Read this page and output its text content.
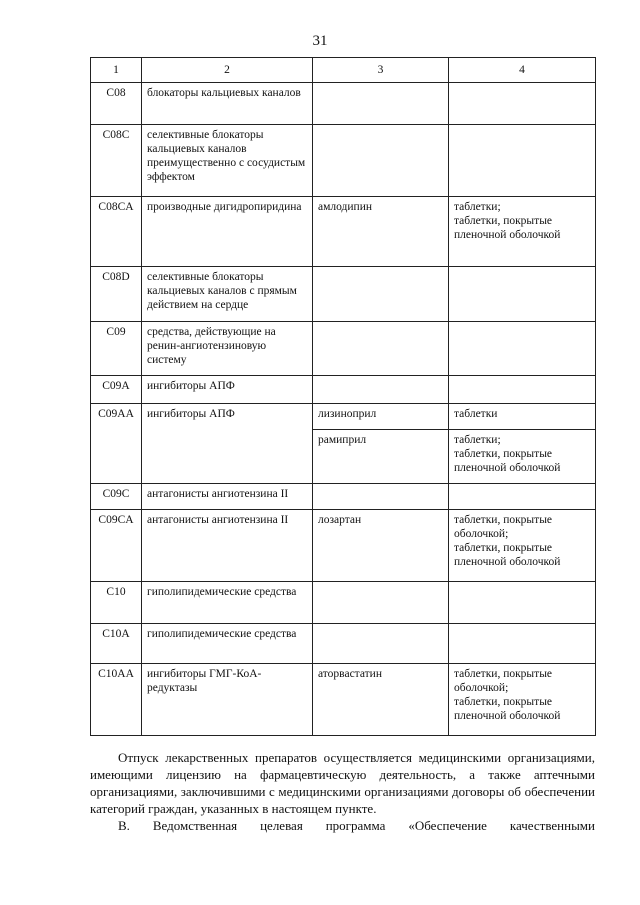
31
1	2	3	4
C08	блокаторы кальциевых каналов		
C08C	селективные блокаторы кальциевых каналов преимущественно с сосудистым эффектом		
C08CA	производные дигидропиридина	амлодипин	таблетки;
таблетки, покрытые пленочной оболочкой
C08D	селективные блокаторы кальциевых каналов с прямым действием на сердце		
C09	средства, действующие на ренин-ангиотензиновую систему		
C09A	ингибиторы АПФ		
C09AA	ингибиторы АПФ	лизиноприл	таблетки
		рамиприл	таблетки;
таблетки, покрытые пленочной оболочкой
C09C	антагонисты ангиотензина II		
C09CA	антагонисты ангиотензина II	лозартан	таблетки, покрытые оболочкой;
таблетки, покрытые пленочной оболочкой
C10	гиполипидемические средства		
C10A	гиполипидемические средства		
C10AA	ингибиторы ГМГ-КоА-редуктазы	аторвастатин	таблетки, покрытые оболочкой;
таблетки, покрытые пленочной оболочкой
Отпуск лекарственных препаратов осуществляется медицинскими организациями, имеющими лицензию на фармацевтическую деятельность, а также аптечными организациями, заключившими с медицинскими организациями договоры об обеспечении категорий граждан, указанных в настоящем пункте.
В. Ведомственная целевая программа «Обеспечение качественными
